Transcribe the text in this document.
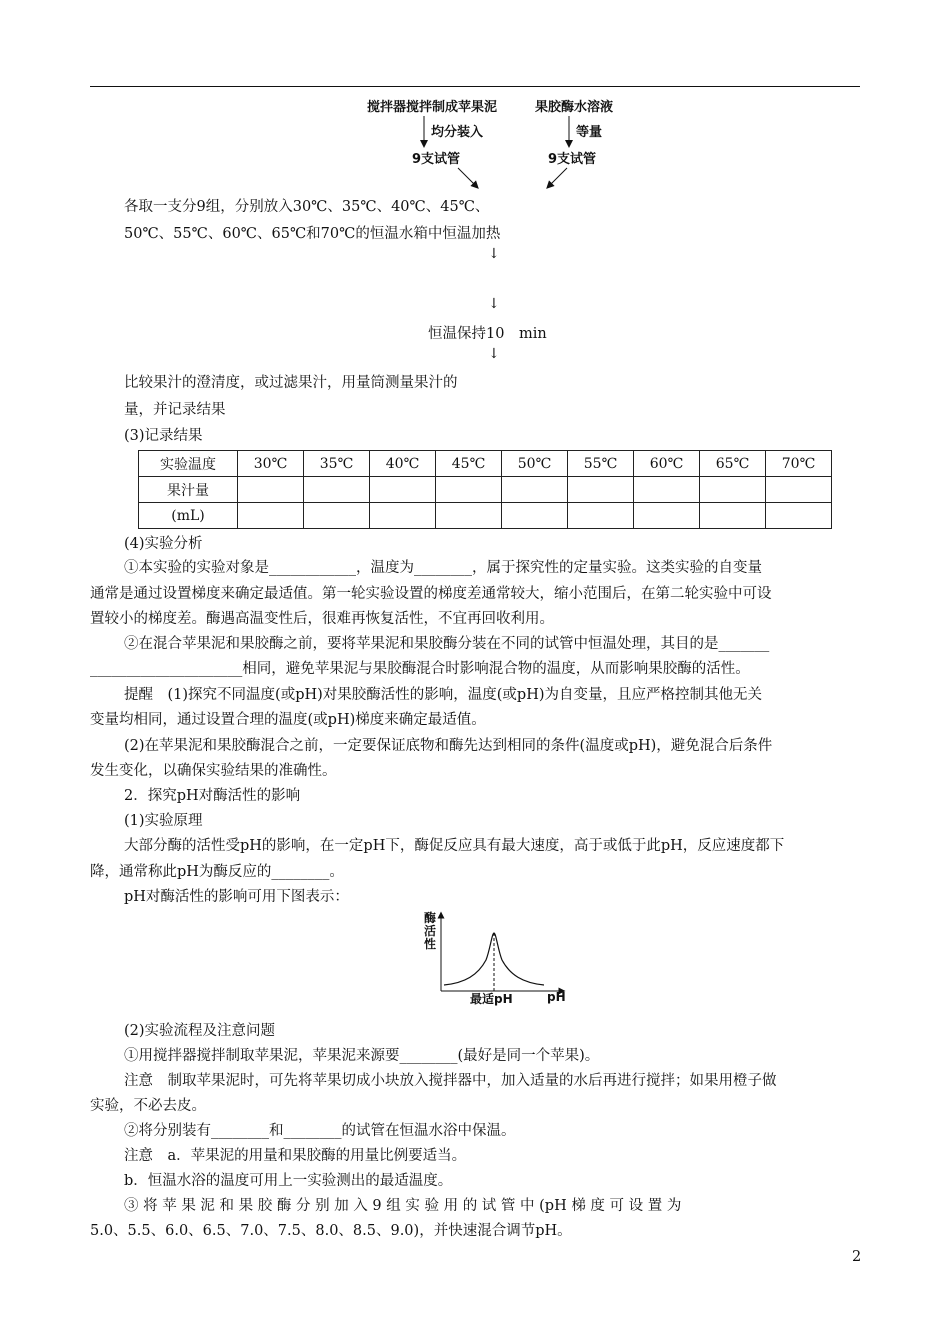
搅拌器搅拌制成苹果泥	果胶酶水溶液
均分装入	等量
9支试管	9支试管
各取一支分9组，分别放入30℃、35℃、40℃、45℃、
50℃、55℃、60℃、65℃和70℃的恒温水箱中恒温加热
↓
↓
恒温保持10　min
↓
比较果汁的澄清度，或过滤果汁，用量筒测量果汁的
量，并记录结果
(3)记录结果
实验温度	30℃	35℃	40℃	45℃	50℃	55℃	60℃	65℃	70℃
果汁量									
(mL)									
(4)实验分析
①本实验的实验对象是____________，温度为________，属于探究性的定量实验。这类实验的自变量
通常是通过设置梯度来确定最适值。第一轮实验设置的梯度差通常较大，缩小范围后，在第二轮实验中可设
置较小的梯度差。酶遇高温变性后，很难再恢复活性，不宜再回收利用。
②在混合苹果泥和果胶酶之前，要将苹果泥和果胶酶分装在不同的试管中恒温处理，其目的是_______
_____________________相同，避免苹果泥与果胶酶混合时影响混合物的温度，从而影响果胶酶的活性。
提醒　(1)探究不同温度(或pH)对果胶酶活性的影响，温度(或pH)为自变量，且应严格控制其他无关
变量均相同，通过设置合理的温度(或pH)梯度来确定最适值。
(2)在苹果泥和果胶酶混合之前，一定要保证底物和酶先达到相同的条件(温度或pH)，避免混合后条件
发生变化，以确保实验结果的准确性。
2．探究pH对酶活性的影响
(1)实验原理
大部分酶的活性受pH的影响，在一定pH下，酶促反应具有最大速度，高于或低于此pH，反应速度都下
降，通常称此pH为酶反应的________。
pH对酶活性的影响可用下图表示：
酶
活
性
最适pH	pH
(2)实验流程及注意问题
①用搅拌器搅拌制取苹果泥，苹果泥来源要________(最好是同一个苹果)。
注意　制取苹果泥时，可先将苹果切成小块放入搅拌器中，加入适量的水后再进行搅拌；如果用橙子做
实验，不必去皮。
②将分别装有________和________的试管在恒温水浴中保温。
注意　a．苹果泥的用量和果胶酶的用量比例要适当。
b．恒温水浴的温度可用上一实验测出的最适温度。
③ 将 苹 果 泥 和 果 胶 酶 分 别 加 入 9 组 实 验 用 的 试 管 中 (pH 梯 度 可 设 置 为
5.0、5.5、6.0、6.5、7.0、7.5、8.0、8.5、9.0)，并快速混合调节pH。
2
